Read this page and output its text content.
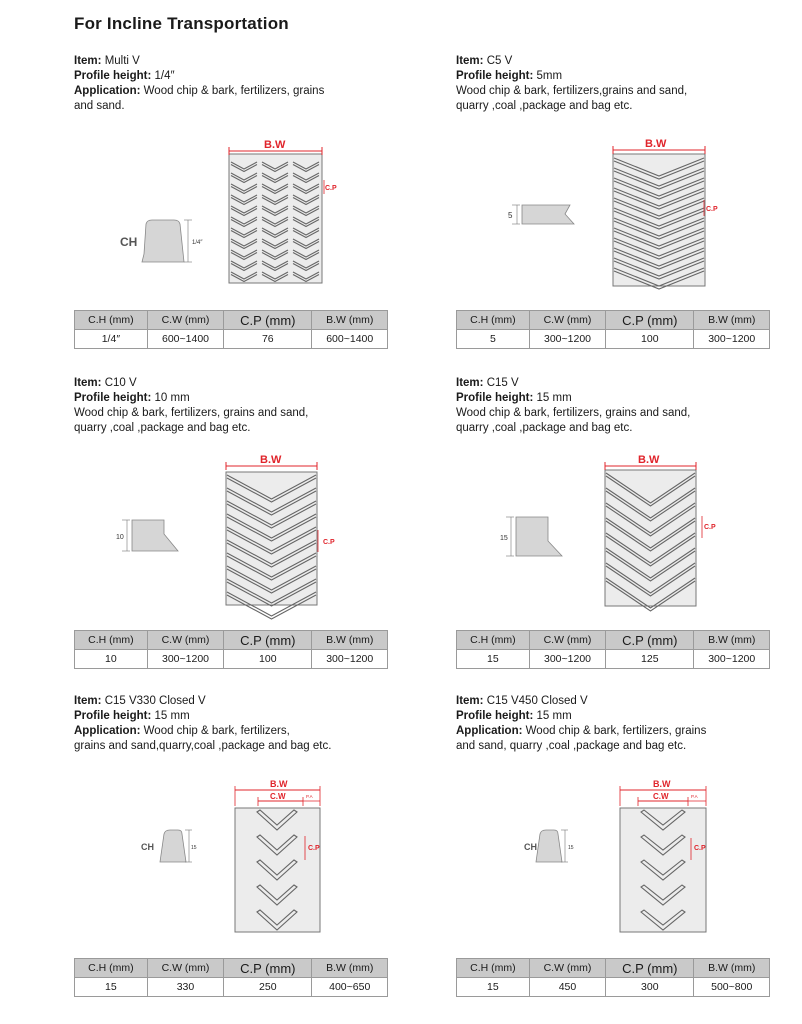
For Incline Transportation
Item: Multi V
Profile height: 1/4″
Application: Wood chip & bark, fertilizers, grains
and sand.
CH	1/4″
B.W
C.P
C.H (mm)	C.W (mm)	C.P (mm)	B.W (mm)
1/4″	600~1400	76	600~1400
Item: C5 V
Profile height: 5mm
Wood chip & bark, fertilizers,grains and sand,
quarry ,coal ,package and bag etc.
5
B.W
C.P
C.H (mm)	C.W (mm)	C.P (mm)	B.W (mm)
5	300~1200	100	300~1200
Item: C10 V
Profile height: 10 mm
Wood chip & bark, fertilizers, grains and sand,
quarry ,coal ,package and bag etc.
10
B.W
C.P
C.H (mm)	C.W (mm)	C.P (mm)	B.W (mm)
10	300~1200	100	300~1200
Item: C15 V
Profile height: 15 mm
Wood chip & bark, fertilizers, grains and sand,
quarry ,coal ,package and bag etc.
15
B.W
C.P
C.H (mm)	C.W (mm)	C.P (mm)	B.W (mm)
15	300~1200	125	300~1200
Item: C15 V330 Closed V
Profile height: 15 mm
Application: Wood chip & bark, fertilizers,
grains and sand,quarry,coal ,package and bag etc.
CH	15
B.W
C.W	P.A
C.P
C.H (mm)	C.W (mm)	C.P (mm)	B.W (mm)
15	330	250	400~650
Item: C15 V450 Closed V
Profile height: 15 mm
Application: Wood chip & bark, fertilizers, grains
and sand, quarry ,coal ,package and bag etc.
CH	15
B.W
C.W	P.A
C.P
C.H (mm)	C.W (mm)	C.P (mm)	B.W (mm)
15	450	300	500~800
